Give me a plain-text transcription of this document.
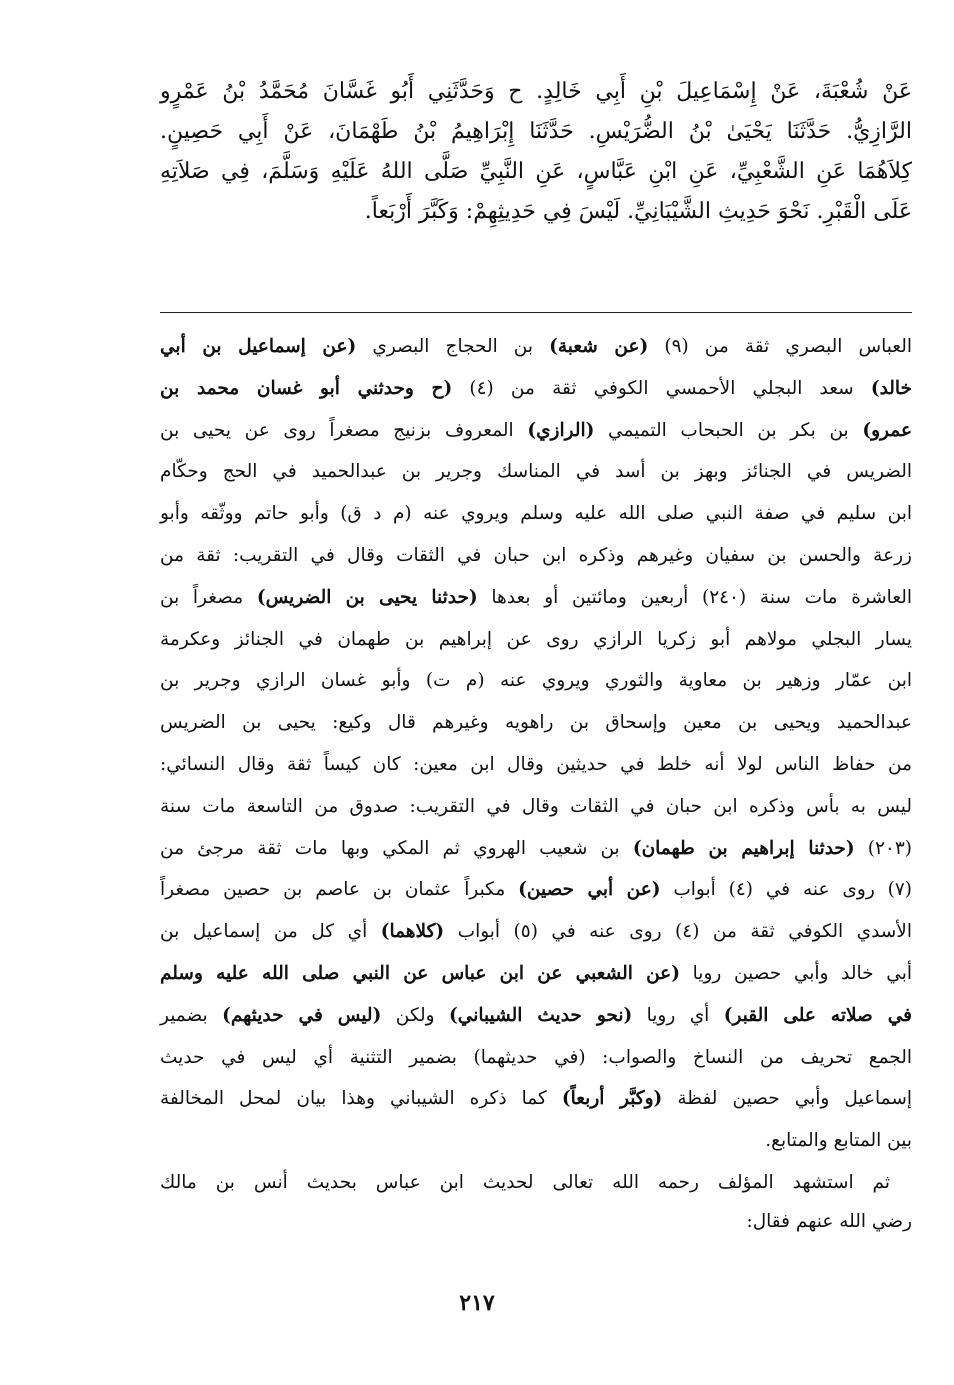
عَنْ شُعْبَةَ، عَنْ إِسْمَاعِيلَ بْنِ أَبِي خَالِدٍ. ح وَحَدَّثَنِي أَبُو غَسَّانَ مُحَمَّدُ بْنُ عَمْرٍو
الرَّازِيُّ. حَدَّثَنَا يَحْيَىٰ بْنُ الضُّرَيْسِ. حَدَّثَنَا إِبْرَاهِيمُ بْنُ طَهْمَانَ، عَنْ أَبِي حَصِينٍ.
كِلاَهُمَا عَنِ الشَّعْبِيِّ، عَنِ ابْنِ عَبَّاسٍ، عَنِ النَّبِيِّ صَلَّى اللهُ عَلَيْهِ وَسَلَّمَ، فِي صَلاَتِهِ
عَلَى الْقَبْرِ. نَحْوَ حَدِيثِ الشَّيْبَانِيِّ. لَيْسَ فِي حَدِيثِهِمْ: وَكَبَّرَ أَرْبَعاً.
العباس البصري ثقة من (٩) (عن شعبة) بن الحجاج البصري (عن إسماعيل بن أبي
خالد) سعد البجلي الأحمسي الكوفي ثقة من (٤) (ح وحدثني أبو غسان محمد بن
عمرو) بن بكر بن الحبحاب التميمي (الرازي) المعروف بزنيج مصغراً روى عن يحيى بن
الضريس في الجنائز وبهز بن أسد في المناسك وجرير بن عبدالحميد في الحج وحكّام
ابن سليم في صفة النبي صلى الله عليه وسلم ويروي عنه (م د ق) وأبو حاتم ووثّقه وأبو
زرعة والحسن بن سفيان وغيرهم وذكره ابن حبان في الثقات وقال في التقريب: ثقة من
العاشرة مات سنة (٢٤٠) أربعين ومائتين أو بعدها (حدثنا يحيى بن الضريس) مصغراً بن
يسار البجلي مولاهم أبو زكريا الرازي روى عن إبراهيم بن طهمان في الجنائز وعكرمة
ابن عمّار وزهير بن معاوية والثوري ويروي عنه (م ت) وأبو غسان الرازي وجرير بن
عبدالحميد ويحيى بن معين وإسحاق بن راهويه وغيرهم قال وكيع: يحيى بن الضريس
من حفاظ الناس لولا أنه خلط في حديثين وقال ابن معين: كان كيساً ثقة وقال النسائي:
ليس به بأس وذكره ابن حبان في الثقات وقال في التقريب: صدوق من التاسعة مات سنة
(٢٠٣) (حدثنا إبراهيم بن طهمان) بن شعيب الهروي ثم المكي وبها مات ثقة مرجئ من
(٧) روى عنه في (٤) أبواب (عن أبي حصين) مكبراً عثمان بن عاصم بن حصين مصغراً
الأسدي الكوفي ثقة من (٤) روى عنه في (٥) أبواب (كلاهما) أي كل من إسماعيل بن
أبي خالد وأبي حصين رويا (عن الشعبي عن ابن عباس عن النبي صلى الله عليه وسلم
في صلاته على القبر) أي رويا (نحو حديث الشيباني) ولكن (ليس في حديثهم) بضمير
الجمع تحريف من النساخ والصواب: (في حديثهما) بضمير التثنية أي ليس في حديث
إسماعيل وأبي حصين لفظة (وكبَّر أربعاً) كما ذكره الشيباني وهذا بيان لمحل المخالفة
بين المتابع والمتابع.
ثم استشهد المؤلف رحمه الله تعالى لحديث ابن عباس بحديث أنس بن مالك
رضي الله عنهم فقال:
٢١٧
